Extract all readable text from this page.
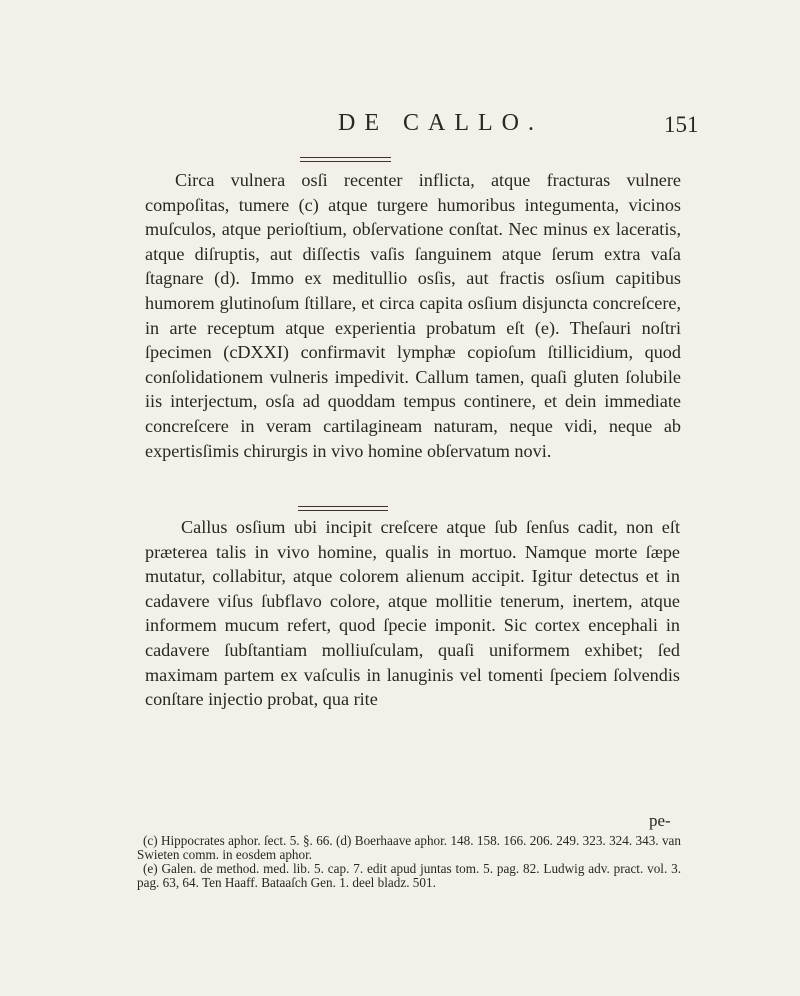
DE CALLO.	151

Circa vulnera osſi recenter inflicta, atque fracturas vulnere compoſitas, tumere (c) atque turgere humoribus integumenta, vicinos muſculos, atque perioſtium, obſervatione conſtat. Nec minus ex laceratis, atque diſruptis, aut diſſectis vaſis ſanguinem atque ſerum extra vaſa ſtagnare (d). Immo ex meditullio osſis, aut fractis osſium capitibus humorem glutinoſum ſtillare, et circa capita osſium disjuncta concreſcere, in arte receptum atque experientia probatum eſt (e). Theſauri noſtri ſpecimen (cDXXI) confirmavit lymphæ copioſum ſtillicidium, quod conſolidationem vulneris impedivit. Callum tamen, quaſi gluten ſolubile iis interjectum, osſa ad quoddam tempus continere, et dein immediate concreſcere in veram cartilagineam naturam, neque vidi, neque ab expertisſimis chirurgis in vivo homine obſervatum novi.

Callus osſium ubi incipit creſcere atque ſub ſenſus cadit, non eſt præterea talis in vivo homine, qualis in mortuo. Namque morte ſæpe mutatur, collabitur, atque colorem alienum accipit. Igitur detectus et in cadavere viſus ſubflavo colore, atque mollitie tenerum, inertem, atque informem mucum refert, quod ſpecie imponit. Sic cortex encephali in cadavere ſubſtantiam molliuſculam, quaſi uniformem exhibet; ſed maximam partem ex vaſculis in lanuginis vel tomenti ſpeciem ſolvendis conſtare injectio probat, qua rite

pe-

(c) Hippocrates aphor. ſect. 5. §. 66. (d) Boerhaave aphor. 148. 158. 166. 206. 249. 323. 324. 343. van Swieten comm. in eosdem aphor.

(e) Galen. de method. med. lib. 5. cap. 7. edit apud juntas tom. 5. pag. 82. Ludwig adv. pract. vol. 3. pag. 63, 64. Ten Haaff. Bataaſch Gen. 1. deel bladz. 501.
